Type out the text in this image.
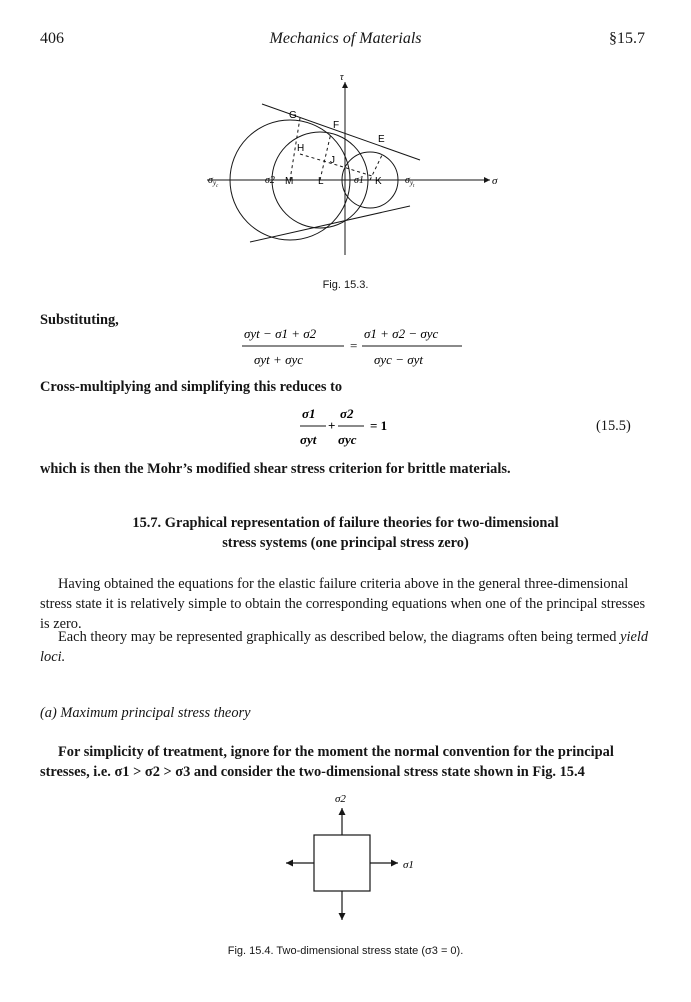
406	Mechanics of Materials	§15.7
τ
σ
G
F
E
H
J
M L	K
$\sigma_{yc}$
σ2	σ1	$\sigma_{yt}$
Fig. 15.3.
Substituting,
σyt − σ1 + σ2
σyt + σyc
=
σ1 + σ2 − σyc
σyc − σyt
Cross-multiplying and simplifying this reduces to
σ1
σyt
+
σ2
σyc
= 1	(15.5)
which is then the Mohr’s modified shear stress criterion for brittle materials.
15.7. Graphical representation of failure theories for two-dimensional
stress systems (one principal stress zero)
Having obtained the equations for the elastic failure criteria above in the general three-dimensional stress state it is relatively simple to obtain the corresponding equations when one of the principal stresses is zero.
Each theory may be represented graphically as described below, the diagrams often being termed yield loci.
(a) Maximum principal stress theory
For simplicity of treatment, ignore for the moment the normal convention for the principal stresses, i.e. σ1 > σ2 > σ3 and consider the two-dimensional stress state shown in Fig. 15.4
σ2
σ1
Fig. 15.4. Two-dimensional stress state (σ3 = 0).
